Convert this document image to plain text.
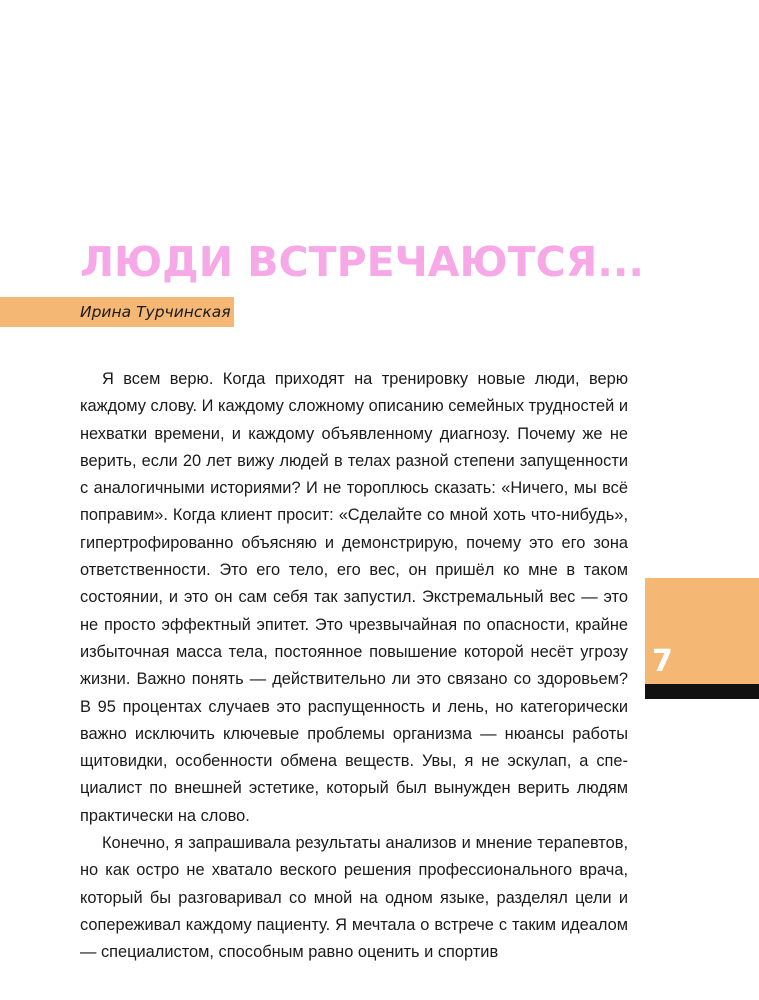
ЛЮДИ ВСТРЕЧАЮТСЯ...
Ирина Турчинская

Я всем верю. Когда приходят на тренировку новые люди, верю каждому слову. И каждому сложному описанию семейных трудностей и нехватки времени, и каждому объявленному диагнозу. Почему же не верить, если 20 лет вижу людей в телах разной степени запущенности с аналогичными историями? И не тороплюсь сказать: «Ничего, мы всё поправим». Когда клиент просит: «Сделайте со мной хоть что-нибудь», гипертрофированно объясняю и демонстрирую, почему это его зона ответственности. Это его тело, его вес, он пришёл ко мне в таком состоянии, и это он сам себя так запустил. Экстремальный вес — это не просто эффектный эпитет. Это чрезвычайная по опасности, крайне избыточная масса тела, постоянное повышение которой несёт угрозу жизни. Важно понять — действительно ли это связано со здоровьем? В 95 процентах случаев это распущенность и лень, но категорически важно исключить ключевые проблемы организма — нюансы работы щитовидки, особенности обмена веществ. Увы, я не эскулап, а специалист по внешней эстетике, который был вынужден верить людям практически на слово.

Конечно, я запрашивала результаты анализов и мнение терапевтов, но как остро не хватало веского решения профессионального врача, который бы разговаривал со мной на одном языке, разделял цели и сопереживал каждому пациенту. Я мечтала о встрече с таким идеалом — специалистом, способным равно оценить и спортив

7
